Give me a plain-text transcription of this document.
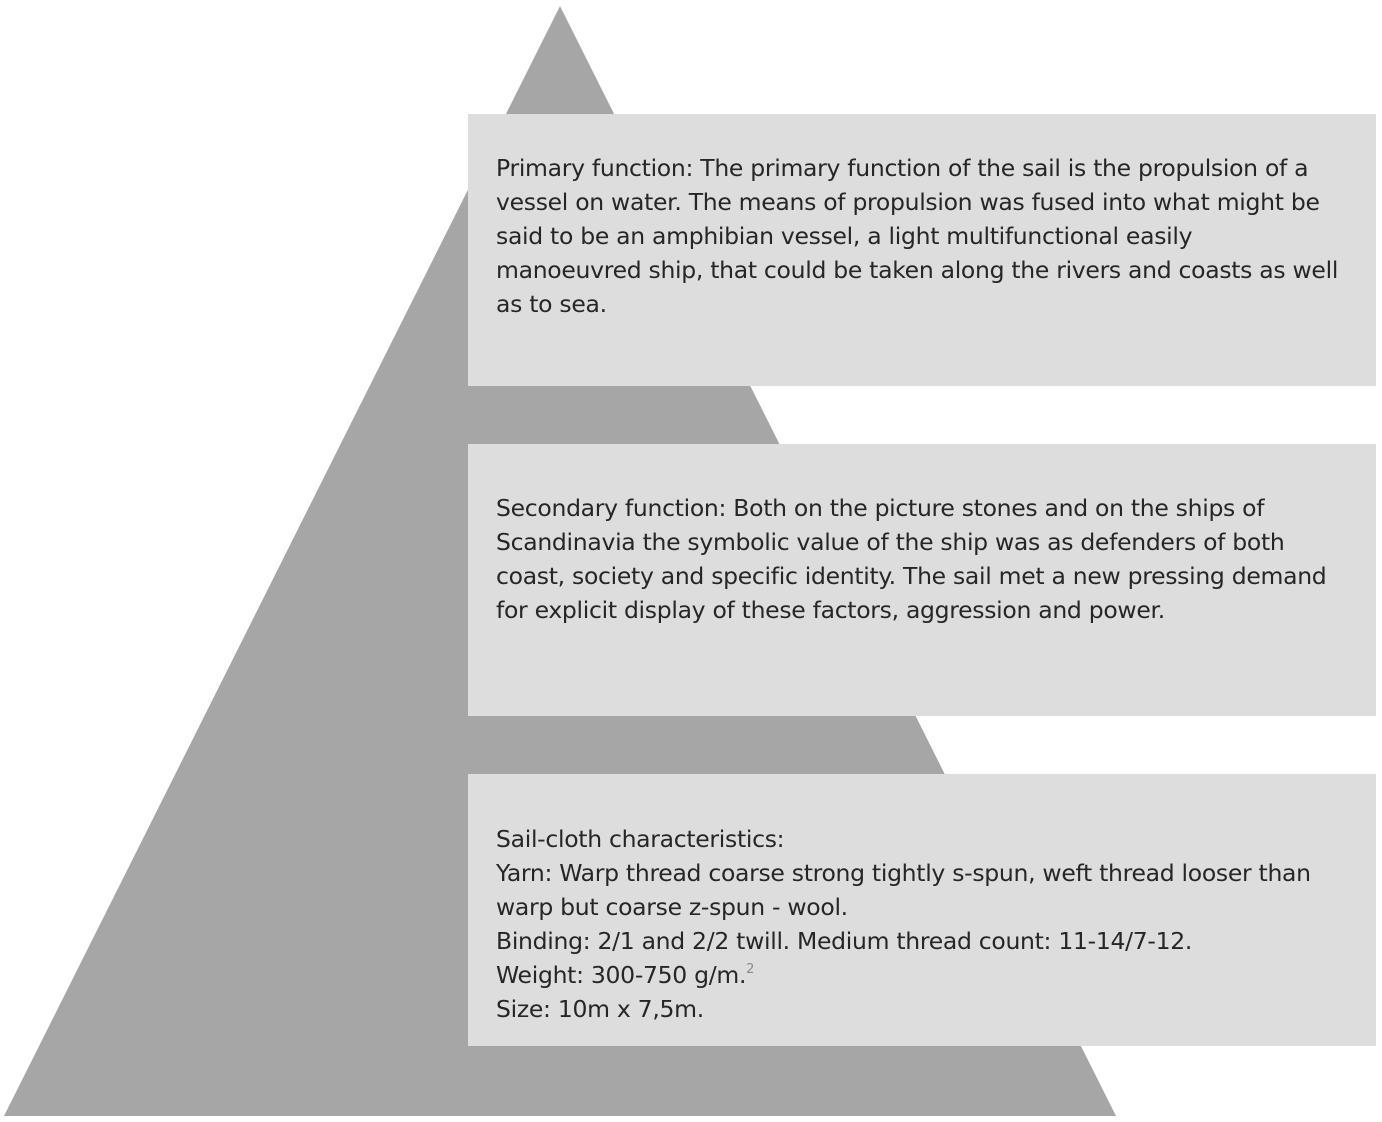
Primary function: The primary function of the sail is the propulsion of a vessel on water. The means of propulsion was fused into what might be said to be an amphibian vessel, a light multifunctional easily manoeuvred ship, that could be taken along the rivers and coasts as well as to sea.

Secondary function: Both on the picture stones and on the ships of Scandinavia the symbolic value of the ship was as defenders of both coast, society and specific identity. The sail met a new pressing demand for explicit display of these factors, aggression and power.

Sail-cloth characteristics:
Yarn: Warp thread coarse strong tightly s-spun, weft thread looser than warp but coarse z-spun - wool.
Binding: 2/1 and 2/2 twill. Medium thread count: 11-14/7-12.
Weight: 300-750 g/m.$^2$
Size: 10m x 7,5m.
